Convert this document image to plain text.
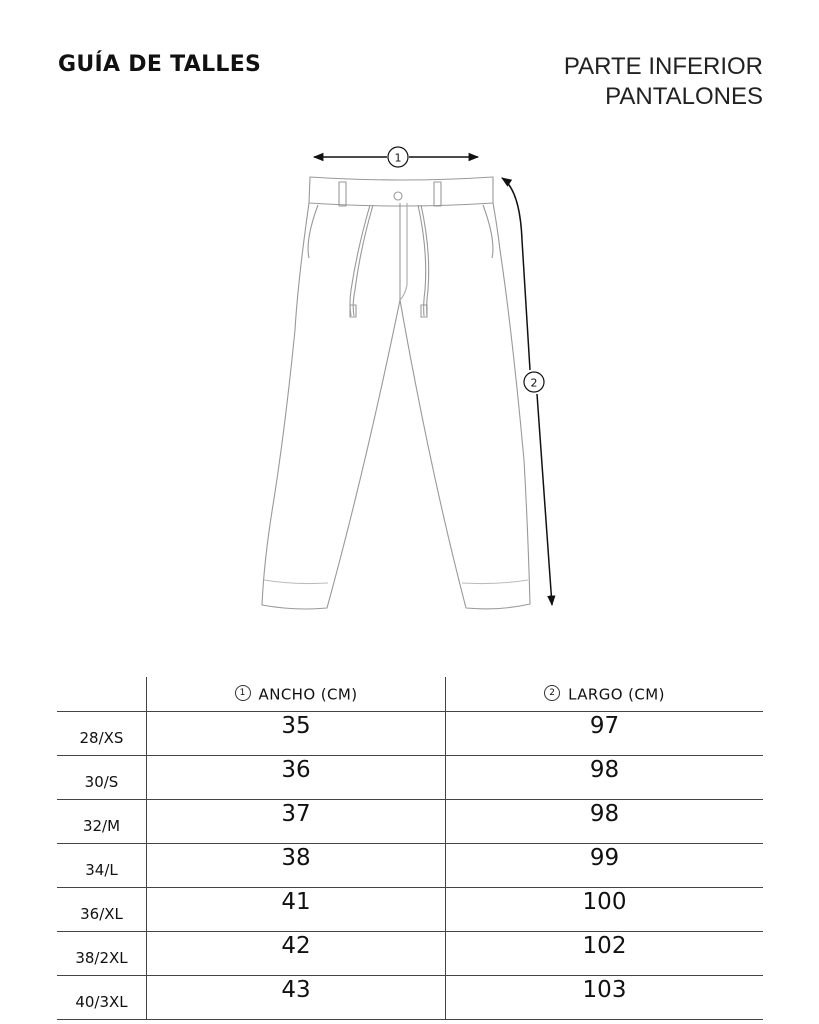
GUÍA DE TALLES	PARTE INFERIOR
PANTALONES
1
2
	1 ANCHO (CM)	2 LARGO (CM)
28/XS	35	97
30/S	36	98
32/M	37	98
34/L	38	99
36/XL	41	100
38/2XL	42	102
40/3XL	43	103
